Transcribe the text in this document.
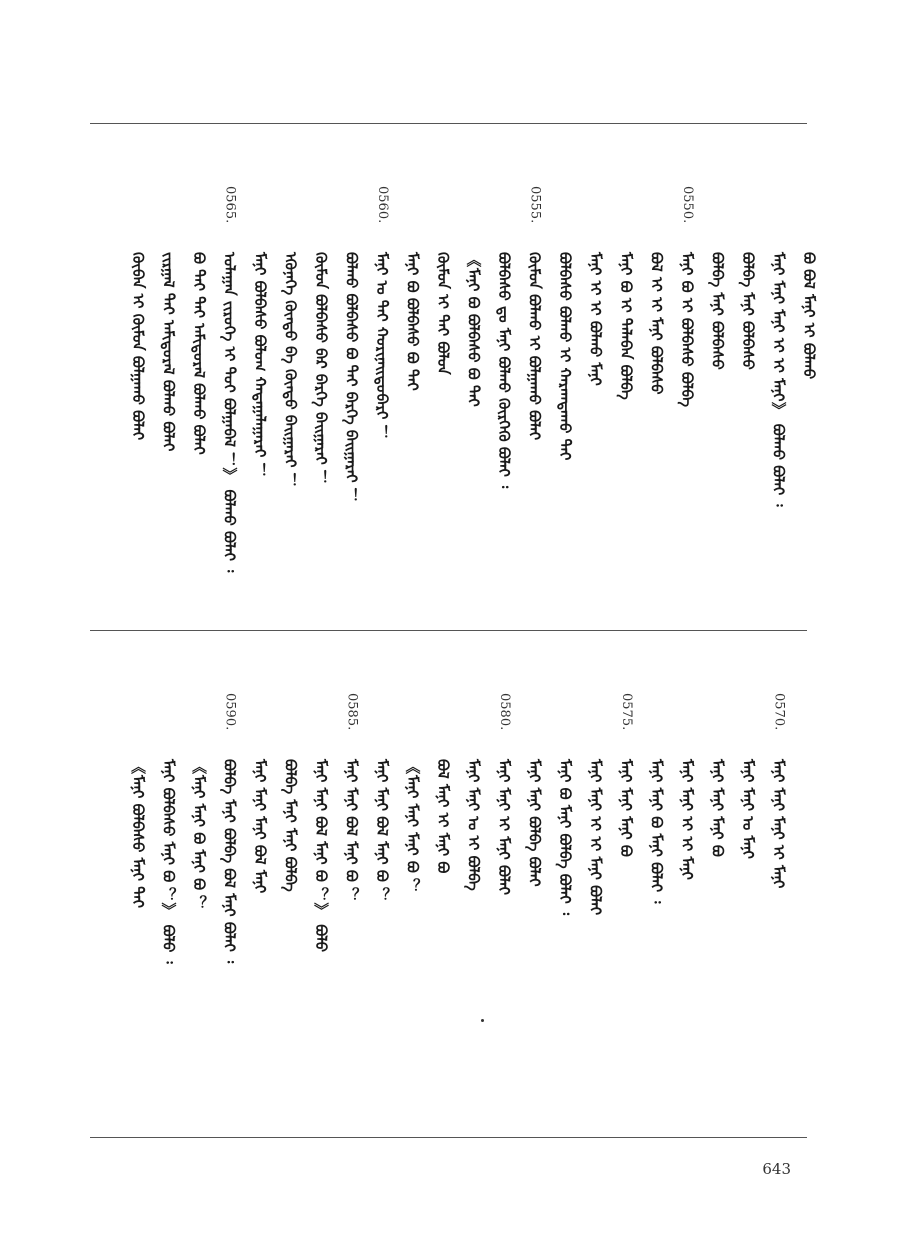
ᠬᠦᠪᠡᠨ ᠢ ᠬᠦᠮᠦᠨ ᠪᠣᠯᠭᠠᠬᠤ ᠪᠣᠯᠠᠢ ᠵᠢᠷᠭᠠᠯ ᠲᠠᠢ ᠠᠮᠢᠳᠤᠷᠠᠯ ᠪᠣᠯᠬᠤ ᠪᠣᠯᠠᠢ ᠪᠣ ᠲᠠᠢ ᠲᠡᠢ ᠠᠮᠢᠳᠤᠷᠠᠯ ᠪᠣᠯᠬᠤ ᠪᠣᠯᠠᠢ
0565.
ᠤᠯᠠᠭᠠᠨ ᠵᠢᠷᠦᠬᠡ ᠢ ᠲᠣᠢ ᠪᠣᠯᠭᠠᠪᠠᠯ ！》 ᠪᠣᠯᠬᠤ ᠪᠣᠯᠠᠢ ᠄ ᠮᠠᠨᠢ ᠪᠣᠯᠪᠠᠰᠤ ᠪᠤᠯᠤᠭ ᠬᠠᠳᠠᠭᠠᠯᠠᠭᠠᠷᠠᠢ ！ ᠡᠭᠦᠨᠡᠭᠡ ᠬᠦᠨᠳᠦ ᠪᠠ ᠬᠦᠨᠳᠦ ᠪᠠᠢᠭᠠᠷᠠᠢ ！ ᠬᠦᠮᠦᠨ ᠪᠣᠯᠪᠠᠰᠤ ᠪᠡᠷ ᠪᠡᠷᠬᠡ ᠪᠠᠢᠭᠠᠷᠠᠢ ！ ᠪᠣᠯᠬᠤ ᠪᠣᠯᠪᠠᠰᠤ ᠪᠣ ᠲᠡᠢ ᠪᠡᠷᠬᠡ ᠪᠠᠢᠭᠠᠷᠠᠢ ！
0560.
ᠮᠠᠨᠢ ᠤ ᠲᠡᠢ ᠬᠣᠷᠢᠨᠠᠢᠲᠤᠪᠠᠷᠢ ！ ᠮᠠᠨᠢ ᠪᠣ ᠪᠣᠯᠪᠠᠰᠤ ᠪᠣ ᠲᠡᠢ ᠬᠦᠮᠦᠨ ᠢ ᠲᠡᠢ ᠪᠣᠯᠤᠨ 《ᠮᠠᠨᠢ ᠪᠣ ᠪᠣᠯᠪᠠᠰᠤ ᠪᠣ ᠲᠡᠢ ᠪᠣᠯᠪᠠᠰᠤ ᠳᠤ ᠮᠠᠨᠢ ᠪᠣᠯᠬᠤ ᠬᠦᠷᠭᠡᠬᠦ ᠪᠣᠯᠠᠢ ᠄
0555.
ᠬᠦᠮᠦᠨ ᠪᠣᠯᠬᠤ ᠢ ᠪᠣᠯᠭᠠᠬᠤ ᠪᠣᠯᠠᠢ ᠪᠣᠯᠪᠠᠰᠤ ᠪᠣᠯᠬᠤ ᠢ ᠬᠠᠷᠠᠭᠳᠠᠬᠤ ᠲᠡᠢ ᠮᠠᠨᠢ ᠢ ᠢ ᠪᠣᠯᠬᠤ ᠮᠠᠨᠢ ᠮᠠᠨᠢ ᠪᠣ ᠢ ᠲᠠᠯᠠᠪᠠᠨ ᠪᠣᠯᠪᠠ ᠪᠣᠯ ᠢ ᠢ ᠮᠠᠨᠢ ᠪᠣᠯᠪᠠᠰᠤ
0550.
ᠮᠠᠨᠢ ᠪᠣ ᠢ ᠪᠣᠯᠪᠠᠰᠤ ᠪᠣᠯᠪᠠ ᠪᠣᠯᠪᠠ ᠮᠠᠨᠢ ᠪᠣᠯᠪᠠᠰᠤ ᠪᠣᠯᠪᠠ ᠮᠠᠨᠢ ᠪᠣᠯᠪᠠᠰᠤ ᠮᠠᠨᠢ ᠮᠠᠨᠢ ᠮᠠᠨᠢ ᠢ ᠢ ᠮᠠᠨᠢ》 ᠪᠣᠯᠬᠤ ᠪᠣᠯᠠᠢ ᠄ ᠪᠣ ᠪᠣᠯ ᠮᠠᠨᠢ ᠢ ᠪᠣᠯᠬᠤ
《ᠮᠠᠨᠢ ᠪᠣᠯᠪᠠᠰᠤ ᠮᠠᠨᠢ ᠲᠡᠢ ᠮᠠᠨᠢ ᠪᠣᠯᠪᠠᠰᠤ ᠮᠠᠨᠢ ᠪᠣ ？》 ᠪᠣᠯᠤ ᠄ 《ᠮᠠᠨᠢ ᠮᠠᠨᠢ ᠪᠣ ᠮᠠᠨᠢ ᠪᠣ ？
0590.
ᠪᠣᠯᠪᠠ ᠮᠠᠨᠢ ᠪᠣᠯᠪᠠ ᠪᠣᠯ ᠮᠠᠨᠢ ᠪᠣᠯᠠᠢ ᠄ ᠮᠠᠨᠢ ᠮᠠᠨᠢ ᠮᠠᠨᠢ ᠪᠣᠯ ᠮᠠᠨᠢ ᠪᠣᠯᠪᠠ ᠮᠠᠨᠢ ᠮᠠᠨᠢ ᠪᠣᠯᠪᠠ ᠮᠠᠨᠢ ᠮᠠᠨᠢ ᠪᠣᠯ ᠮᠠᠨᠢ ᠪᠣ ？》 ᠪᠣᠯᠤ
0585.
ᠮᠠᠨᠢ ᠮᠠᠨᠢ ᠪᠣᠯ ᠮᠠᠨᠢ ᠪᠣ ？ ᠮᠠᠨᠢ ᠮᠠᠨᠢ ᠪᠣᠯ ᠮᠠᠨᠢ ᠪᠣ ？ 《ᠮᠠᠨᠢ ᠮᠠᠨᠢ ᠮᠠᠨᠢ ᠪᠣ ？ ᠪᠣᠯ ᠮᠠᠨᠢ ᠢ ᠮᠠᠨᠢ ᠪᠣ ᠮᠠᠨᠢ ᠮᠠᠨᠢ ᠤ ᠢ ᠪᠣᠯᠪᠠ
0580.
ᠮᠠᠨᠢ ᠮᠠᠨᠢ ᠢ ᠮᠠᠨᠢ ᠪᠣᠯᠠᠢ ᠮᠠᠨᠢ ᠮᠠᠨᠢ ᠪᠣᠯᠪᠠ ᠪᠣᠯᠠᠢ ᠮᠠᠨᠢ ᠪᠣ ᠮᠠᠨᠢ ᠪᠣᠯᠪᠠ ᠪᠣᠯᠠᠢ ᠄ ᠮᠠᠨᠢ ᠮᠠᠨᠢ ᠢ ᠢ ᠮᠠᠨᠢ ᠪᠣᠯᠠᠢ
0575.
ᠮᠠᠨᠢ ᠮᠠᠨᠢ ᠮᠠᠨᠢ ᠪᠣ ᠮᠠᠨᠢ ᠮᠠᠨᠢ ᠪᠣ ᠮᠠᠨᠢ ᠪᠣᠯᠠᠢ ᠄ ᠮᠠᠨᠢ ᠮᠠᠨᠢ ᠢ ᠢ ᠮᠠᠨᠢ ᠮᠠᠨᠢ ᠮᠠᠨᠢ ᠮᠠᠨᠢ ᠪᠣ ᠮᠠᠨᠢ ᠮᠠᠨᠢ ᠤ ᠮᠠᠨᠢ
0570.
ᠮᠠᠨᠢ ᠮᠠᠨᠢ ᠮᠠᠨᠢ ᠢ ᠮᠠᠨᠢ
643
